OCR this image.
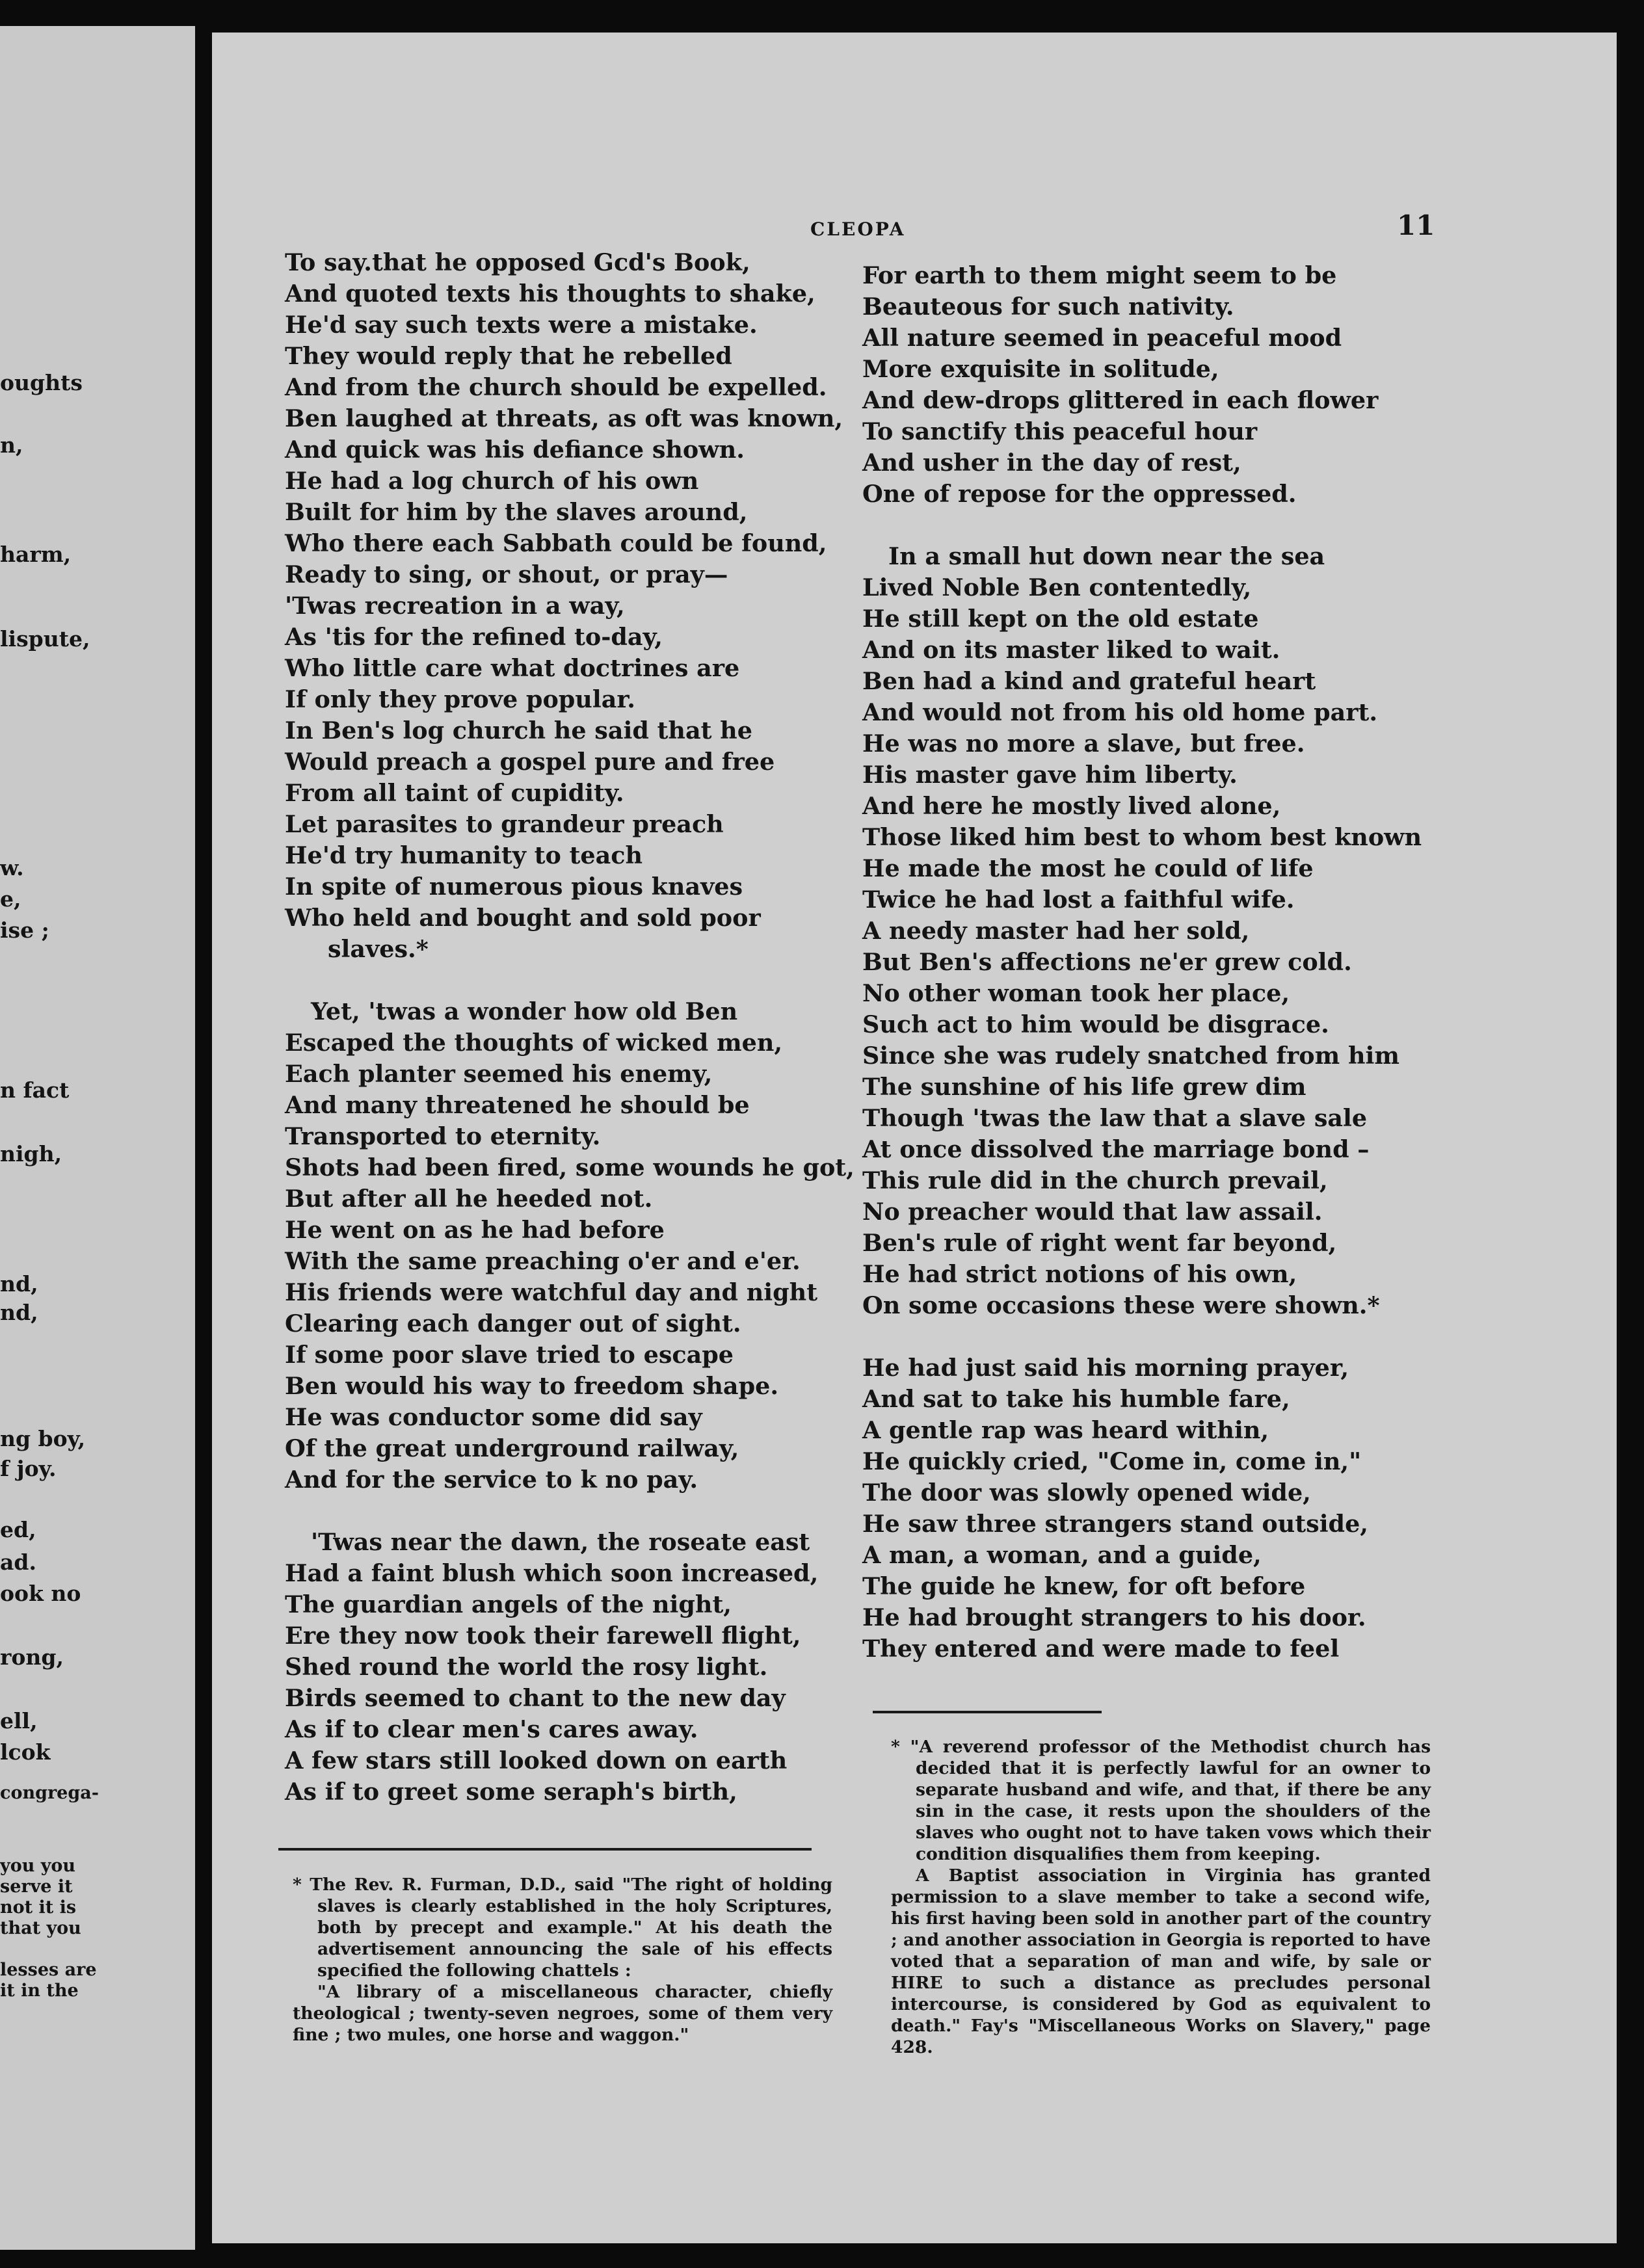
oughts
n,
harm,
lispute,
w.
e,
ise ;
n fact
nigh,
nd,
nd,
ng boy,
f joy.
ed,
ad.
ook no
rong,
ell,
lcok
congrega-
you you
serve it
not it is
that you
lesses are
it in the
CLEOPA	11
To say.that he opposed Gcd's Book,
And quoted texts his thoughts to shake,
He'd say such texts were a mistake.
They would reply that he rebelled
And from the church should be expelled.
Ben laughed at threats, as oft was known,
And quick was his defiance shown.
He had a log church of his own
Built for him by the slaves around,
Who there each Sabbath could be found,
Ready to sing, or shout, or pray—
'Twas recreation in a way,
As 'tis for the refined to-day,
Who little care what doctrines are
If only they prove popular.
In Ben's log church he said that he
Would preach a gospel pure and free
From all taint of cupidity.
Let parasites to grandeur preach
He'd try humanity to teach
In spite of numerous pious knaves
Who held and bought and sold poor
slaves.*
Yet, 'twas a wonder how old Ben
Escaped the thoughts of wicked men,
Each planter seemed his enemy,
And many threatened he should be
Transported to eternity.
Shots had been fired, some wounds he got,
But after all he heeded not.
He went on as he had before
With the same preaching o'er and e'er.
His friends were watchful day and night
Clearing each danger out of sight.
If some poor slave tried to escape
Ben would his way to freedom shape.
He was conductor some did say
Of the great underground railway,
And for the service to k no pay.
'Twas near the dawn, the roseate east
Had a faint blush which soon increased,
The guardian angels of the night,
Ere they now took their farewell flight,
Shed round the world the rosy light.
Birds seemed to chant to the new day
As if to clear men's cares away.
A few stars still looked down on earth
As if to greet some seraph's birth,
For earth to them might seem to be
Beauteous for such nativity.
All nature seemed in peaceful mood
More exquisite in solitude,
And dew-drops glittered in each flower
To sanctify this peaceful hour
And usher in the day of rest,
One of repose for the oppressed.
In a small hut down near the sea
Lived Noble Ben contentedly,
He still kept on the old estate
And on its master liked to wait.
Ben had a kind and grateful heart
And would not from his old home part.
He was no more a slave, but free.
His master gave him liberty.
And here he mostly lived alone,
Those liked him best to whom best known
He made the most he could of life
Twice he had lost a faithful wife.
A needy master had her sold,
But Ben's affections ne'er grew cold.
No other woman took her place,
Such act to him would be disgrace.
Since she was rudely snatched from him
The sunshine of his life grew dim
Though 'twas the law that a slave sale
At once dissolved the marriage bond –
This rule did in the church prevail,
No preacher would that law assail.
Ben's rule of right went far beyond,
He had strict notions of his own,
On some occasions these were shown.*
He had just said his morning prayer,
And sat to take his humble fare,
A gentle rap was heard within,
He quickly cried, "Come in, come in,"
The door was slowly opened wide,
He saw three strangers stand outside,
A man, a woman, and a guide,
The guide he knew, for oft before
He had brought strangers to his door.
They entered and were made to feel

* The Rev. R. Furman, D.D., said "The right of holding slaves is clearly established in the holy Scriptures, both by precept and example." At his death the advertisement announcing the sale of his effects specified the following chattels :

"A library of a miscellaneous character, chiefly theological ; twenty-seven negroes, some of them very fine ; two mules, one horse and waggon."

* "A reverend professor of the Methodist church has decided that it is perfectly lawful for an owner to separate husband and wife, and that, if there be any sin in the case, it rests upon the shoulders of the slaves who ought not to have taken vows which their condition disqualifies them from keeping.

A Baptist association in Virginia has granted permission to a slave member to take a second wife, his first having been sold in another part of the country ; and another association in Georgia is reported to have voted that a separation of man and wife, by sale or HIRE to such a distance as precludes personal intercourse, is considered by God as equivalent to death." Fay's "Miscellaneous Works on Slavery," page 428.
